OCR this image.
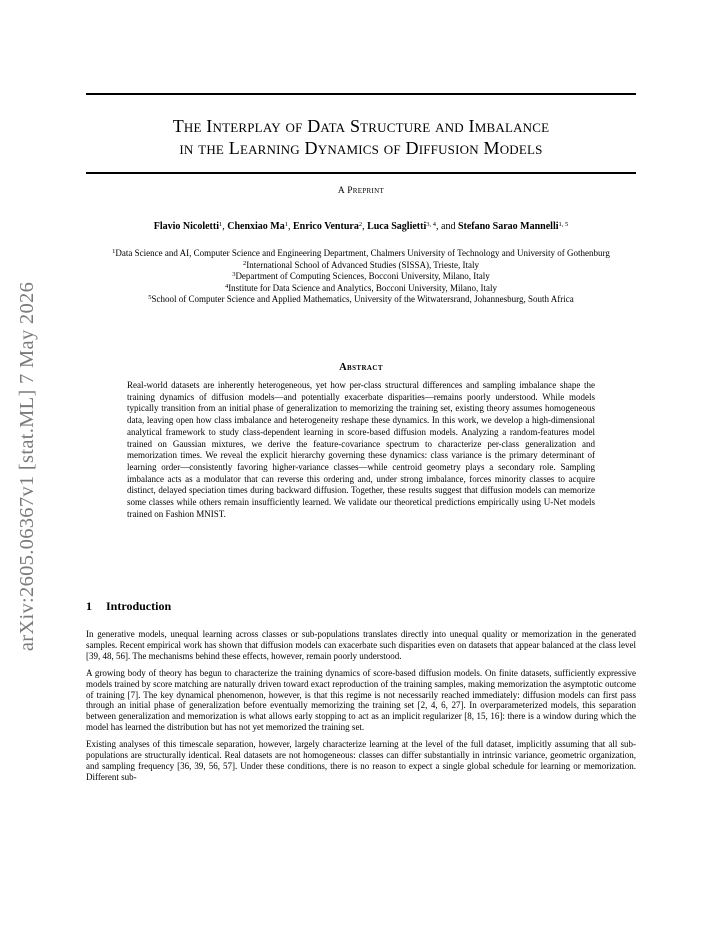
arXiv:2605.06367v1 [stat.ML] 7 May 2026
The Interplay of Data Structure and Imbalance
in the Learning Dynamics of Diffusion Models
A Preprint
Flavio Nicoletti$^1$, Chenxiao Ma$^1$, Enrico Ventura$^2$, Luca Saglietti$^{3, 4}$, and Stefano Sarao Mannelli$^{1, 5}$
$^1$Data Science and AI, Computer Science and Engineering Department, Chalmers University of Technology and University of Gothenburg
$^2$International School of Advanced Studies (SISSA), Trieste, Italy
$^3$Department of Computing Sciences, Bocconi University, Milano, Italy
$^4$Institute for Data Science and Analytics, Bocconi University, Milano, Italy
$^5$School of Computer Science and Applied Mathematics, University of the Witwatersrand, Johannesburg, South Africa
Abstract
Real-world datasets are inherently heterogeneous, yet how per-class structural differences and sampling imbalance shape the training dynamics of diffusion models—and potentially exacerbate disparities—remains poorly understood. While models typically transition from an initial phase of generalization to memorizing the training set, existing theory assumes homogeneous data, leaving open how class imbalance and heterogeneity reshape these dynamics. In this work, we develop a high-dimensional analytical framework to study class-dependent learning in score-based diffusion models. Analyzing a random-features model trained on Gaussian mixtures, we derive the feature-covariance spectrum to characterize per-class generalization and memorization times. We reveal the explicit hierarchy governing these dynamics: class variance is the primary determinant of learning order—consistently favoring higher-variance classes—while centroid geometry plays a secondary role. Sampling imbalance acts as a modulator that can reverse this ordering and, under strong imbalance, forces minority classes to acquire distinct, delayed speciation times during backward diffusion. Together, these results suggest that diffusion models can memorize some classes while others remain insufficiently learned. We validate our theoretical predictions empirically using U-Net models trained on Fashion MNIST.
1 Introduction

In generative models, unequal learning across classes or sub-populations translates directly into unequal quality or memorization in the generated samples. Recent empirical work has shown that diffusion models can exacerbate such disparities even on datasets that appear balanced at the class level [39, 48, 56]. The mechanisms behind these effects, however, remain poorly understood.

A growing body of theory has begun to characterize the training dynamics of score-based diffusion models. On finite datasets, sufficiently expressive models trained by score matching are naturally driven toward exact reproduction of the training samples, making memorization the asymptotic outcome of training [7]. The key dynamical phenomenon, however, is that this regime is not necessarily reached immediately: diffusion models can first pass through an initial phase of generalization before eventually memorizing the training set [2, 4, 6, 27]. In overparameterized models, this separation between generalization and memorization is what allows early stopping to act as an implicit regularizer [8, 15, 16]: there is a window during which the model has learned the distribution but has not yet memorized the training set.

Existing analyses of this timescale separation, however, largely characterize learning at the level of the full dataset, implicitly assuming that all sub-populations are structurally identical. Real datasets are not homogeneous: classes can differ substantially in intrinsic variance, geometric organization, and sampling frequency [36, 39, 56, 57]. Under these conditions, there is no reason to expect a single global schedule for learning or memorization. Different sub-
